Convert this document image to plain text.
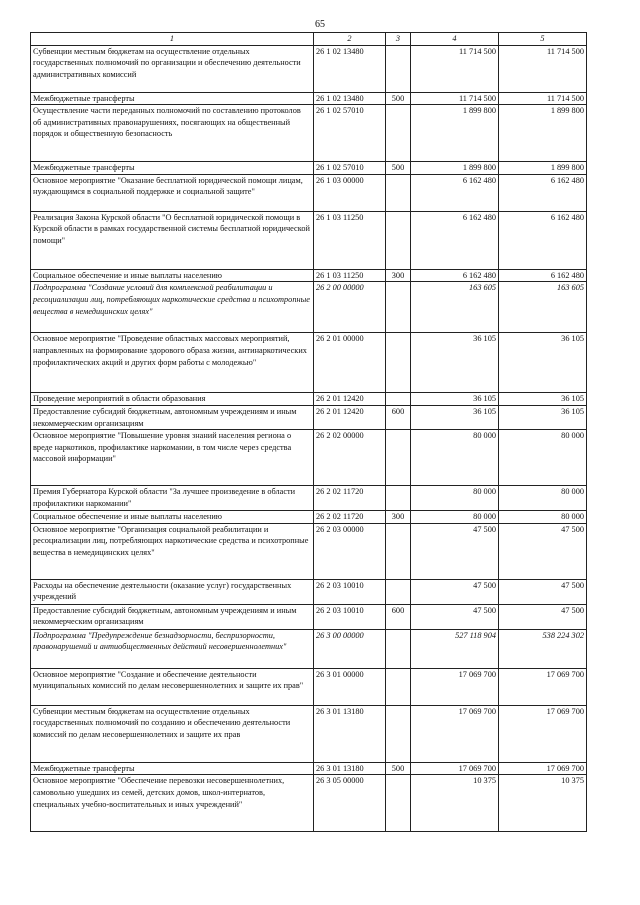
65
1	2	3	4	5
Субвенции местным бюджетам на осуществление отдельных государственных полномочий по организации и обеспечению деятельности административных комиссий	26 1 02 13480		11 714 500	11 714 500
Межбюджетные трансферты	26 1 02 13480	500	11 714 500	11 714 500
Осуществление части переданных полномочий по составлению протоколов об административных правонарушениях, посягающих на общественный порядок и общественную безопасность	26 1 02 57010		1 899 800	1 899 800
Межбюджетные трансферты	26 1 02 57010	500	1 899 800	1 899 800
Основное мероприятие "Оказание бесплатной юридической помощи лицам, нуждающимся в социальной поддержке и социальной защите"	26 1 03 00000		6 162 480	6 162 480
Реализация Закона Курской области "О бесплатной юридической помощи в Курской области в рамках государственной системы бесплатной юридической помощи"	26 1 03 11250		6 162 480	6 162 480
Социальное обеспечение и иные выплаты населению	26 1 03 11250	300	6 162 480	6 162 480
Подпрограмма "Создание условий для комплексной реабилитации и ресоциализации лиц, потребляющих наркотические средства и психотропные вещества в немедицинских целях"	26 2 00 00000		163 605	163 605
Основное мероприятие "Проведение областных массовых мероприятий, направленных на формирование здорового образа жизни, антинаркотических профилактических акций и других форм работы с молодежью"	26 2 01 00000		36 105	36 105
Проведение мероприятий в области образования	26 2 01 12420		36 105	36 105
Предоставление субсидий бюджетным, автономным учреждениям и иным некоммерческим организациям	26 2 01 12420	600	36 105	36 105
Основное мероприятие "Повышение уровня знаний населения региона о вреде наркотиков, профилактике наркомании, в том числе через средства массовой информации"	26 2 02 00000		80 000	80 000
Премия Губернатора Курской области "За лучшее произведение в области профилактики наркомании"	26 2 02 11720		80 000	80 000
Социальное обеспечение и иные выплаты населению	26 2 02 11720	300	80 000	80 000
Основное мероприятие "Организация социальной реабилитации и ресоциализации лиц, потребляющих наркотические средства и психотропные вещества в немедицинских целях"	26 2 03 00000		47 500	47 500
Расходы на обеспечение деятельности (оказание услуг) государственных учреждений	26 2 03 10010		47 500	47 500
Предоставление субсидий бюджетным, автономным учреждениям и иным некоммерческим организациям	26 2 03 10010	600	47 500	47 500
Подпрограмма "Предупреждение безнадзорности, беспризорности, правонарушений и антиобщественных действий несовершеннолетних"	26 3 00 00000		527 118 904	538 224 302
Основное мероприятие "Создание и обеспечение деятельности муниципальных комиссий по делам несовершеннолетних и защите их прав"	26 3 01 00000		17 069 700	17 069 700
Субвенции местным бюджетам на осуществление отдельных государственных полномочий по созданию и обеспечению деятельности комиссий по делам несовершеннолетних и защите их прав	26 3 01 13180		17 069 700	17 069 700
Межбюджетные трансферты	26 3 01 13180	500	17 069 700	17 069 700
Основное мероприятие "Обеспечение перевозки несовершеннолетних, самовольно ушедших из семей, детских домов, школ-интернатов, специальных учебно-воспитательных и иных учреждений"	26 3 05 00000		10 375	10 375
